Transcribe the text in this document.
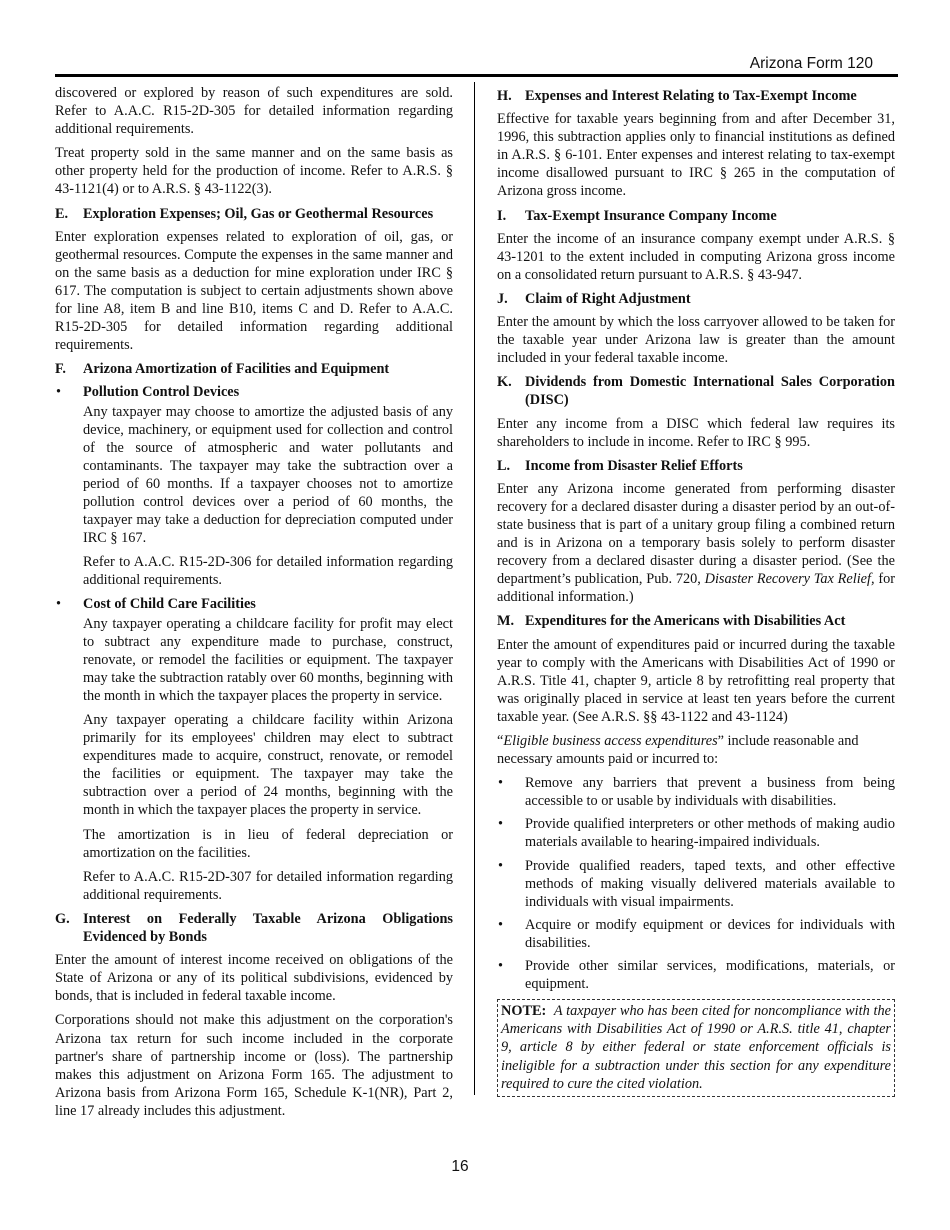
Arizona Form 120

discovered or explored by reason of such expenditures are sold. Refer to A.A.C. R15-2D-305 for detailed information regarding additional requirements.

Treat property sold in the same manner and on the same basis as other property held for the production of income. Refer to A.R.S. § 43-1121(4) or to A.R.S. § 43-1122(3).

E. Exploration Expenses; Oil, Gas or Geothermal Resources

Enter exploration expenses related to exploration of oil, gas, or geothermal resources. Compute the expenses in the same manner and on the same basis as a deduction for mine exploration under IRC § 617. The computation is subject to certain adjustments shown above for line A8, item B and line B10, items C and D. Refer to A.A.C. R15-2D-305 for detailed information regarding additional requirements.

F. Arizona Amortization of Facilities and Equipment
• Pollution Control Devices

Any taxpayer may choose to amortize the adjusted basis of any device, machinery, or equipment used for collection and control of the source of atmospheric and water pollutants and contaminants. The taxpayer may take the subtraction over a period of 60 months. If a taxpayer chooses not to amortize pollution control devices over a period of 60 months, the taxpayer may take a deduction for depreciation computed under IRC § 167.

Refer to A.A.C. R15-2D-306 for detailed information regarding additional requirements.

• Cost of Child Care Facilities

Any taxpayer operating a childcare facility for profit may elect to subtract any expenditure made to purchase, construct, renovate, or remodel the facilities or equipment. The taxpayer may take the subtraction ratably over 60 months, beginning with the month in which the taxpayer places the property in service.

Any taxpayer operating a childcare facility within Arizona primarily for its employees' children may elect to subtract expenditures made to acquire, construct, renovate, or remodel the facilities or equipment. The taxpayer may take the subtraction over a period of 24 months, beginning with the month in which the taxpayer places the property in service.

The amortization is in lieu of federal depreciation or amortization on the facilities.

Refer to A.A.C. R15-2D-307 for detailed information regarding additional requirements.

G. Interest on Federally Taxable Arizona Obligations Evidenced by Bonds

Enter the amount of interest income received on obligations of the State of Arizona or any of its political subdivisions, evidenced by bonds, that is included in federal taxable income.

Corporations should not make this adjustment on the corporation's Arizona tax return for such income included in the corporate partner's share of partnership income or (loss). The partnership makes this adjustment on Arizona Form 165. The adjustment to Arizona basis from Arizona Form 165, Schedule K-1(NR), Part 2, line 17 already includes this adjustment.

H. Expenses and Interest Relating to Tax-Exempt Income

Effective for taxable years beginning from and after December 31, 1996, this subtraction applies only to financial institutions as defined in A.R.S. § 6-101. Enter expenses and interest relating to tax-exempt income disallowed pursuant to IRC § 265 in the computation of Arizona gross income.

I. Tax-Exempt Insurance Company Income

Enter the income of an insurance company exempt under A.R.S. § 43-1201 to the extent included in computing Arizona gross income on a consolidated return pursuant to A.R.S. § 43-947.

J. Claim of Right Adjustment

Enter the amount by which the loss carryover allowed to be taken for the taxable year under Arizona law is greater than the amount included in your federal taxable income.

K. Dividends from Domestic International Sales Corporation (DISC)

Enter any income from a DISC which federal law requires its shareholders to include in income. Refer to IRC § 995.

L. Income from Disaster Relief Efforts

Enter any Arizona income generated from performing disaster recovery for a declared disaster during a disaster period by an out-of-state business that is part of a unitary group filing a combined return and is in Arizona on a temporary basis solely to perform disaster recovery from a declared disaster during a disaster period. (See the department’s publication, Pub. 720, Disaster Recovery Tax Relief, for additional information.)

M. Expenditures for the Americans with Disabilities Act

Enter the amount of expenditures paid or incurred during the taxable year to comply with the Americans with Disabilities Act of 1990 or A.R.S. Title 41, chapter 9, article 8 by retrofitting real property that was originally placed in service at least ten years before the current taxable year. (See A.R.S. §§ 43-1122 and 43-1124)

“Eligible business access expenditures” include reasonable and necessary amounts paid or incurred to:

• Remove any barriers that prevent a business from being accessible to or usable by individuals with disabilities.
• Provide qualified interpreters or other methods of making audio materials available to hearing-impaired individuals.
• Provide qualified readers, taped texts, and other effective methods of making visually delivered materials available to individuals with visual impairments.
• Acquire or modify equipment or devices for individuals with disabilities.
• Provide other similar services, modifications, materials, or equipment.
NOTE: A taxpayer who has been cited for noncompliance with the Americans with Disabilities Act of 1990 or A.R.S. title 41, chapter 9, article 8 by either federal or state enforcement officials is ineligible for a subtraction under this section for any expenditure required to cure the cited violation.
16
